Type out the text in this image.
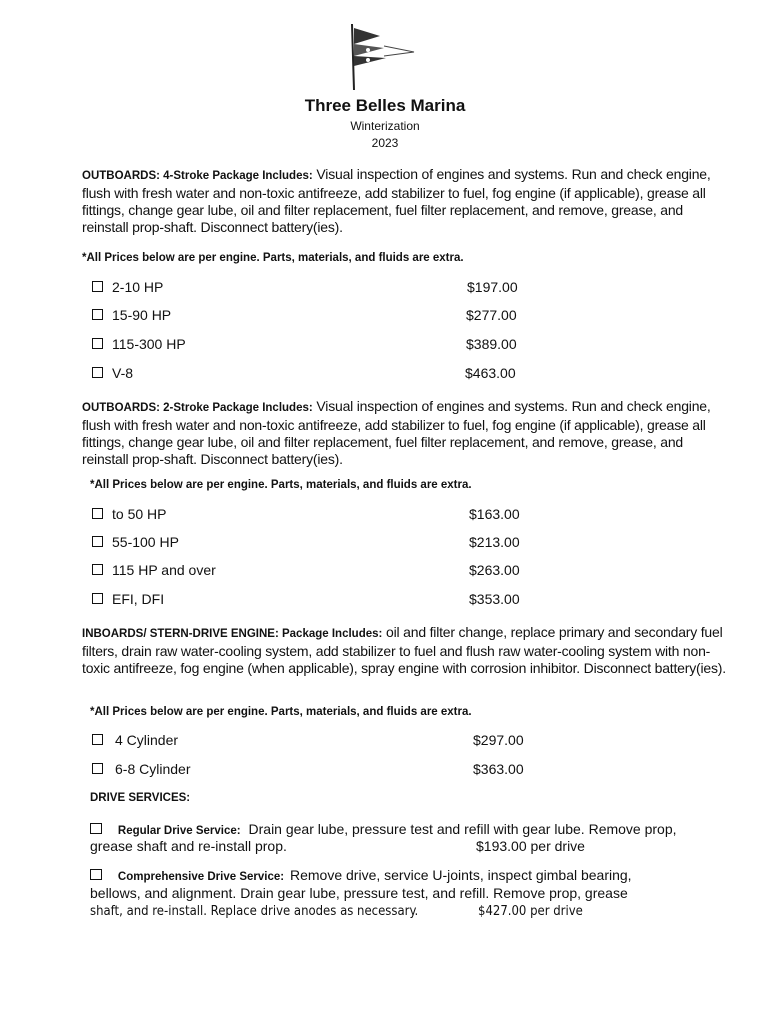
Three Belles Marina
Winterization
2023
OUTBOARDS: 4-Stroke Package Includes: Visual inspection of engines and systems. Run and check engine, flush with fresh water and non-toxic antifreeze, add stabilizer to fuel, fog engine (if applicable), grease all fittings, change gear lube, oil and filter replacement, fuel filter replacement, and remove, grease, and reinstall prop-shaft. Disconnect battery(ies).
*All Prices below are per engine. Parts, materials, and fluids are extra.
2-10 HP	$197.00
15-90 HP	$277.00
115-300 HP	$389.00
V-8	$463.00
OUTBOARDS: 2-Stroke Package Includes: Visual inspection of engines and systems. Run and check engine, flush with fresh water and non-toxic antifreeze, add stabilizer to fuel, fog engine (if applicable), grease all fittings, change gear lube, oil and filter replacement, fuel filter replacement, and remove, grease, and reinstall prop-shaft. Disconnect battery(ies).
*All Prices below are per engine. Parts, materials, and fluids are extra.
to 50 HP	$163.00
55-100 HP	$213.00
115 HP and over	$263.00
EFI, DFI	$353.00
INBOARDS/ STERN-DRIVE ENGINE: Package Includes: oil and filter change, replace primary and secondary fuel filters, drain raw water-cooling system, add stabilizer to fuel and flush raw water-cooling system with non-toxic antifreeze, fog engine (when applicable), spray engine with corrosion inhibitor. Disconnect battery(ies).
*All Prices below are per engine. Parts, materials, and fluids are extra.
4 Cylinder	$297.00
6-8 Cylinder	$363.00
DRIVE SERVICES:
Regular Drive Service: Drain gear lube, pressure test and refill with gear lube. Remove prop,
grease shaft and re-install prop.	$193.00 per drive
Comprehensive Drive Service: Remove drive, service U-joints, inspect gimbal bearing,
bellows, and alignment. Drain gear lube, pressure test, and refill. Remove prop, grease
shaft, and re-install. Replace drive anodes as necessary.	$427.00 per drive
